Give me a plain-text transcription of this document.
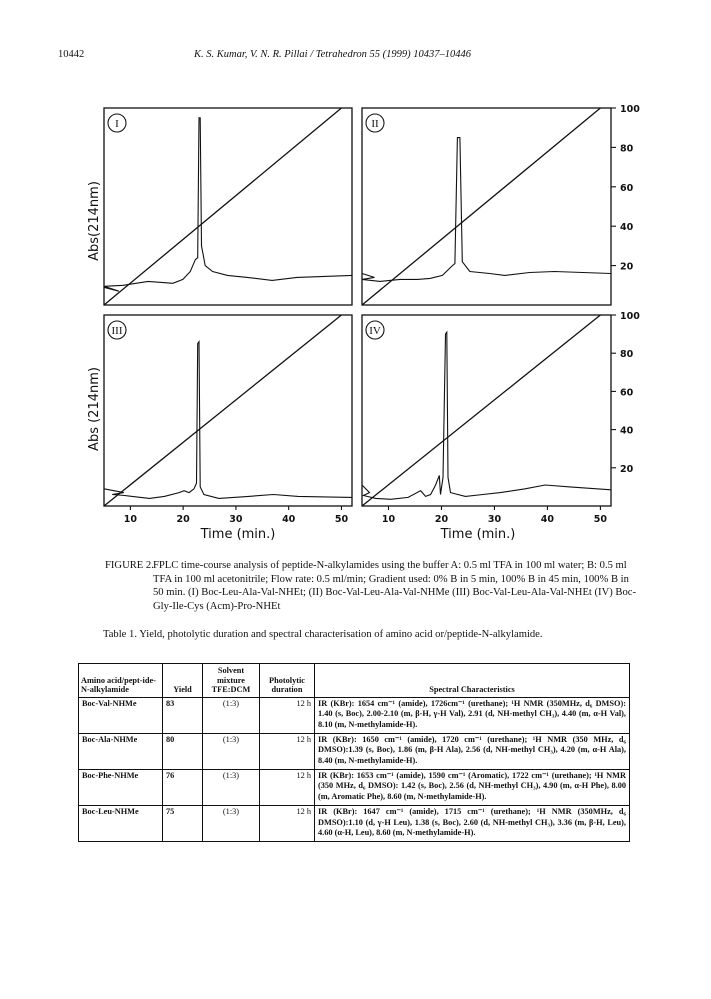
10442	K. S. Kumar, V. N. R. Pillai / Tetrahedron 55 (1999) 10437–10446
I	II
III	IV
100
80
60
40
20
100
80
60
40
20
10	20	30	40	50	10	20	30	40	50
Abs(214nm)
Abs (214nm)
Time (min.)	Time (min.)
FIGURE 2. FPLC time-course analysis of peptide-N-alkylamides using the buffer A: 0.5 ml TFA in 100 ml water; B: 0.5 ml TFA in 100 ml acetonitrile; Flow rate: 0.5 ml/min; Gradient used: 0% B in 5 min, 100% B in 45 min, 100% B in 50 min. (I) Boc-Leu-Ala-Val-NHEt; (II) Boc-Val-Leu-Ala-Val-NHMe (III) Boc-Val-Leu-Ala-Val-NHEt (IV) Boc-Gly-Ile-Cys (Acm)-Pro-NHEt
Table 1. Yield, photolytic duration and spectral characterisation of amino acid or/peptide-N-alkylamide.
Amino acid/pept-ide-N-alkylamide	Yield	Solvent mixture TFE:DCM	Photolytic duration	Spectral Characteristics
Boc-Val-NHMe	83	(1:3)	12 h	IR (KBr): 1654 cm⁻¹ (amide), 1726cm⁻¹ (urethane); ¹H NMR (350MHz, d₆ DMSO): 1.40 (s, Boc), 2.00-2.10 (m, β-H, γ-H Val), 2.91 (d, NH-methyl CH₃), 4.40 (m, α-H Val), 8.10 (m, N-methylamide-H).
Boc-Ala-NHMe	80	(1:3)	12 h	IR (KBr): 1650 cm⁻¹ (amide), 1720 cm⁻¹ (urethane); ¹H NMR (350 MHz, d₆ DMSO):1.39 (s, Boc), 1.86 (m, β-H Ala), 2.56 (d, NH-methyl CH₃), 4.20 (m, α-H Ala), 8.40 (m, N-methylamide-H).
Boc-Phe-NHMe	76	(1:3)	12 h	IR (KBr): 1653 cm⁻¹ (amide), 1590 cm⁻¹ (Aromatic), 1722 cm⁻¹ (urethane); ¹H NMR (350 MHz, d₆ DMSO): 1.42 (s, Boc), 2.56 (d, NH-methyl CH₃), 4.90 (m, α-H Phe), 8.00 (m, Aromatic Phe), 8.60 (m, N-methylamide-H).
Boc-Leu-NHMe	75	(1:3)	12 h	IR (KBr): 1647 cm⁻¹ (amide), 1715 cm⁻¹ (urethane); ¹H NMR (350MHz, d₆ DMSO):1.10 (d, γ-H Leu), 1.38 (s, Boc), 2.60 (d, NH-methyl CH₃), 3.36 (m, β-H, Leu), 4.60 (α-H, Leu), 8.60 (m, N-methylamide-H).
